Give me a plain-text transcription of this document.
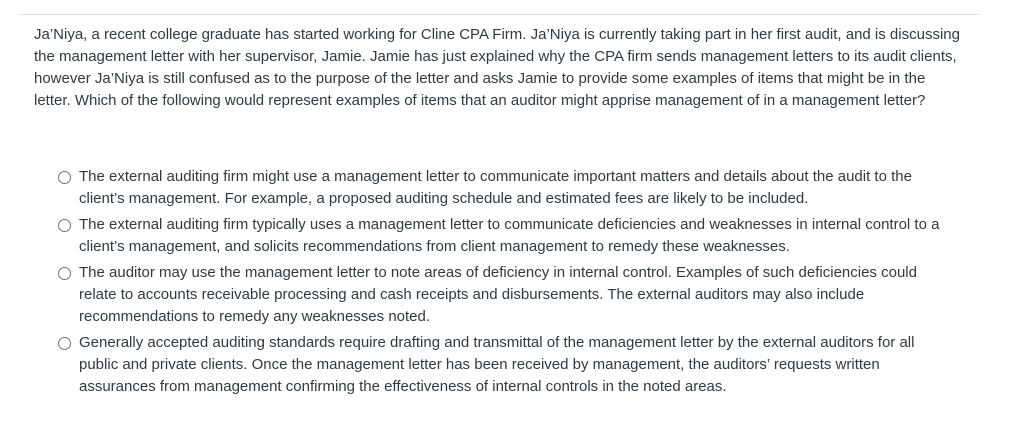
Ja’Niya, a recent college graduate has started working for Cline CPA Firm. Ja’Niya is currently taking part in her first audit, and is discussing the management letter with her supervisor, Jamie. Jamie has just explained why the CPA firm sends management letters to its audit clients, however Ja’Niya is still confused as to the purpose of the letter and asks Jamie to provide some examples of items that might be in the letter. Which of the following would represent examples of items that an auditor might apprise management of in a management letter?

The external auditing firm might use a management letter to communicate important matters and details about the audit to the client’s management. For example, a proposed auditing schedule and estimated fees are likely to be included.
The external auditing firm typically uses a management letter to communicate deficiencies and weaknesses in internal control to a client’s management, and solicits recommendations from client management to remedy these weaknesses.
The auditor may use the management letter to note areas of deficiency in internal control. Examples of such deficiencies could relate to accounts receivable processing and cash receipts and disbursements. The external auditors may also include recommendations to remedy any weaknesses noted.
Generally accepted auditing standards require drafting and transmittal of the management letter by the external auditors for all public and private clients. Once the management letter has been received by management, the auditors’ requests written assurances from management confirming the effectiveness of internal controls in the noted areas.
